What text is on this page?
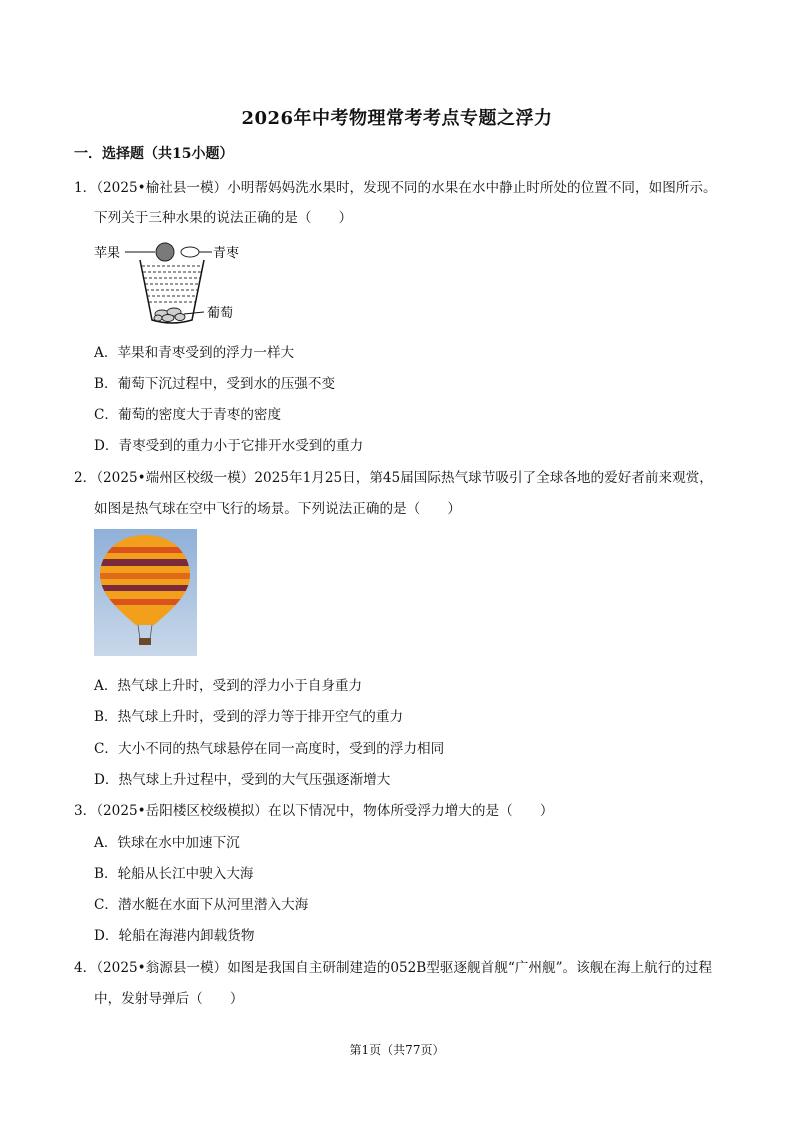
2026年中考物理常考考点专题之浮力
一．选择题（共15小题）
1．（2025•榆社县一模）小明帮妈妈洗水果时，发现不同的水果在水中静止时所处的位置不同，如图所示。
下列关于三种水果的说法正确的是（　　）
苹果	青枣
葡萄
A．苹果和青枣受到的浮力一样大
B．葡萄下沉过程中，受到水的压强不变
C．葡萄的密度大于青枣的密度
D．青枣受到的重力小于它排开水受到的重力
2．（2025•端州区校级一模）2025年1月25日，第45届国际热气球节吸引了全球各地的爱好者前来观赏，
如图是热气球在空中飞行的场景。下列说法正确的是（　　）
A．热气球上升时，受到的浮力小于自身重力
B．热气球上升时，受到的浮力等于排开空气的重力
C．大小不同的热气球悬停在同一高度时，受到的浮力相同
D．热气球上升过程中，受到的大气压强逐渐增大
3．（2025•岳阳楼区校级模拟）在以下情况中，物体所受浮力增大的是（　　）
A．铁球在水中加速下沉
B．轮船从长江中驶入大海
C．潜水艇在水面下从河里潜入大海
D．轮船在海港内卸载货物
4．（2025•翁源县一模）如图是我国自主研制建造的052B型驱逐舰首舰“广州舰”。该舰在海上航行的过程
中，发射导弹后（　　）
第1页（共77页）
